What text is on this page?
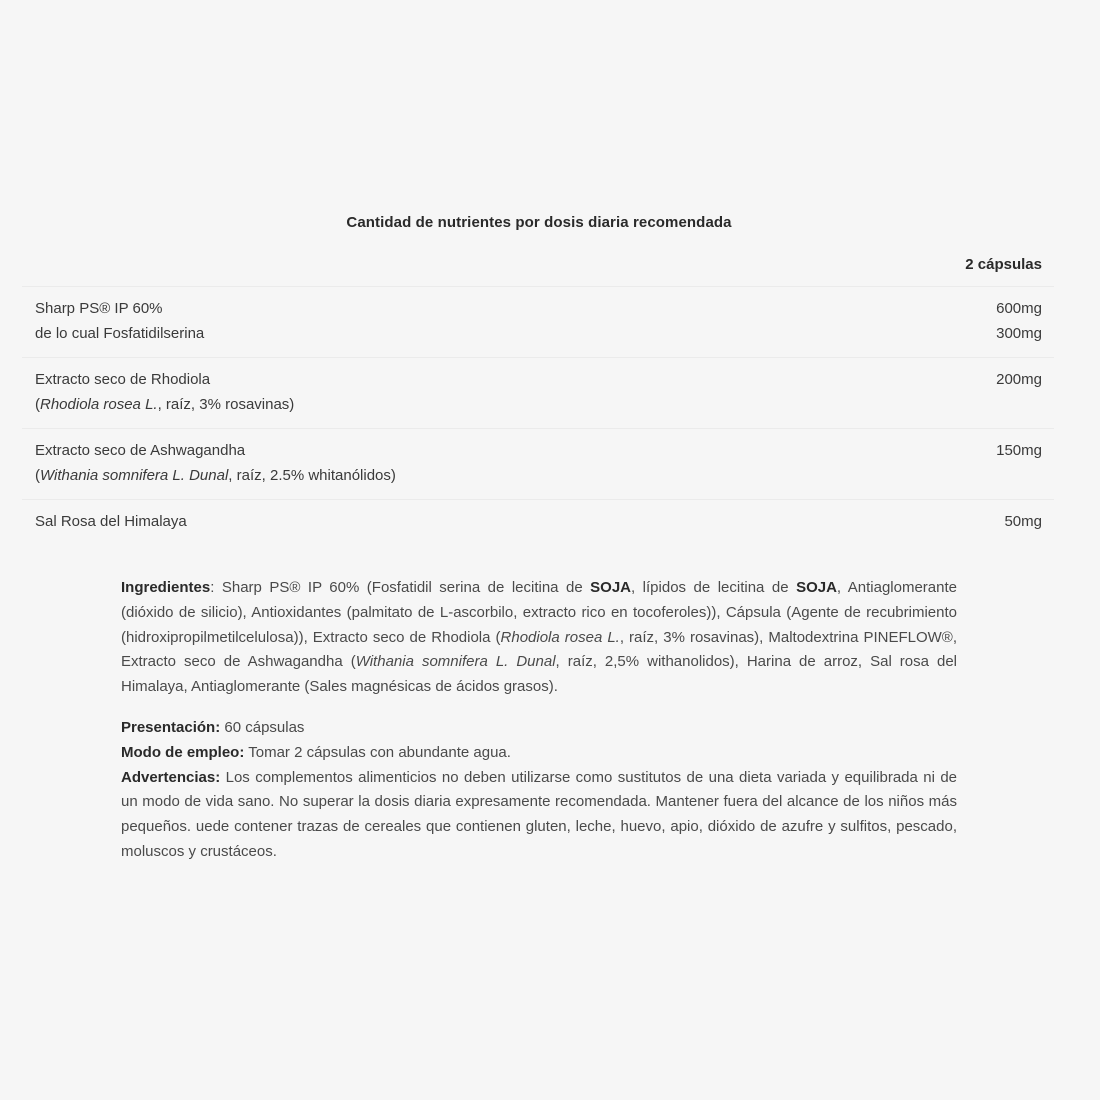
Cantidad de nutrientes por dosis diaria recomendada
2 cápsulas
Sharp PS® IP 60%	600mg
de lo cual Fosfatidilserina	300mg
Extracto seco de Rhodiola	200mg
(Rhodiola rosea L., raíz, 3% rosavinas)
Extracto seco de Ashwagandha	150mg
(Withania somnifera L. Dunal, raíz, 2.5% whitanólidos)
Sal Rosa del Himalaya	50mg

Ingredientes: Sharp PS® IP 60% (Fosfatidil serina de lecitina de SOJA, lípidos de lecitina de SOJA, Antiaglomerante (dióxido de silicio), Antioxidantes (palmitato de L-ascorbilo, extracto rico en tocoferoles)), Cápsula (Agente de recubrimiento (hidroxipropilmetilcelulosa)), Extracto seco de Rhodiola (Rhodiola rosea L., raíz, 3% rosavinas), Maltodextrina PINEFLOW®, Extracto seco de Ashwagandha (Withania somnifera L. Dunal, raíz, 2,5% withanolidos), Harina de arroz, Sal rosa del Himalaya, Antiaglomerante (Sales magnésicas de ácidos grasos).

Presentación: 60 cápsulas

Modo de empleo: Tomar 2 cápsulas con abundante agua.

Advertencias: Los complementos alimenticios no deben utilizarse como sustitutos de una dieta variada y equilibrada ni de un modo de vida sano. No superar la dosis diaria expresamente recomendada. Mantener fuera del alcance de los niños más pequeños. uede contener trazas de cereales que contienen gluten, leche, huevo, apio, dióxido de azufre y sulfitos, pescado, moluscos y crustáceos.
